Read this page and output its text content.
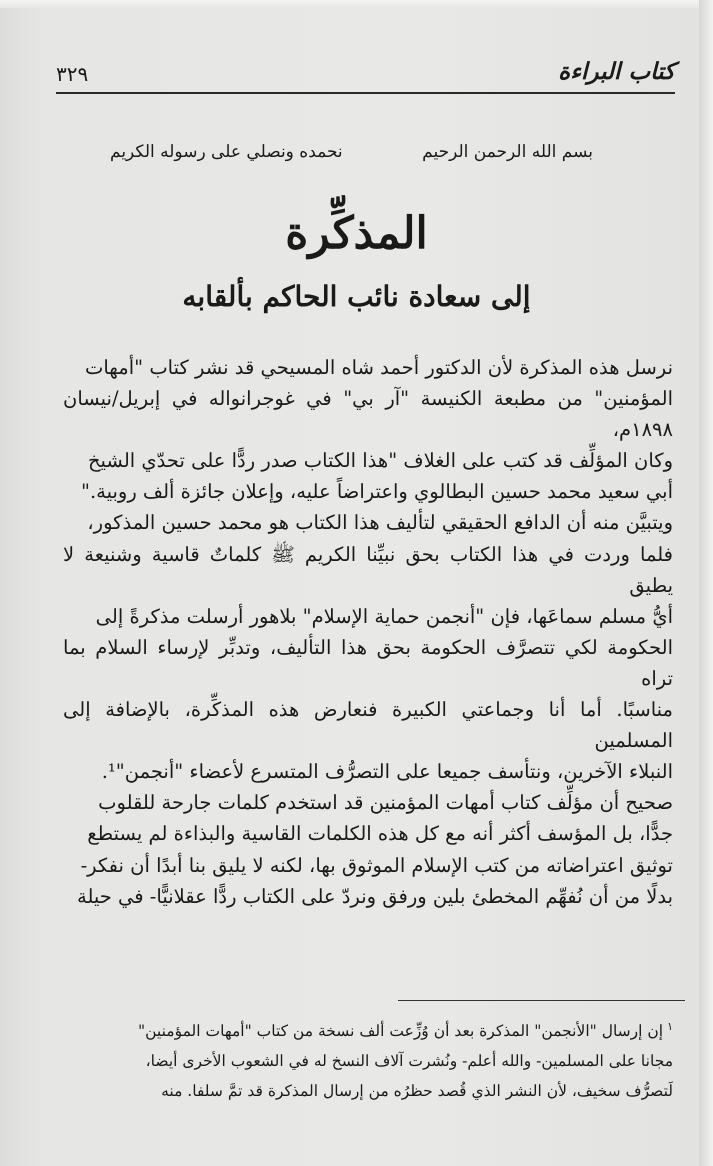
كتاب البراءة
٣٢٩
بسم الله الرحمن الرحيم
نحمده ونصلي على رسوله الكريم
المذكِّرة
إلى سعادة نائب الحاكم بألقابه

نرسل هذه المذكرة لأن الدكتور أحمد شاه المسيحي قد نشر كتاب "أمهات

المؤمنين" من مطبعة الكنيسة "آر بي" في غوجرانواله في إبريل/نيسان ١٨٩٨م،

وكان المؤلِّف قد كتب على الغلاف "هذا الكتاب صدر ردًّا على تحدّي الشيخ

أبي سعيد محمد حسين البطالوي واعتراضاً عليه، وإعلان جائزة ألف روبية."

ويتبيَّن منه أن الدافع الحقيقي لتأليف هذا الكتاب هو محمد حسين المذكور،

فلما وردت في هذا الكتاب بحق نبيِّنا الكريم ﷺ كلماتٌ قاسية وشنيعة لا يطيق

أيُّ مسلم سماعَها، فإن "أنجمن حماية الإسلام" بلاهور أرسلت مذكرةً إلى

الحكومة لكي تتصرَّف الحكومة بحق هذا التأليف، وتدبِّر لإرساء السلام بما تراه

مناسبًا. أما أنا وجماعتي الكبيرة فنعارض هذه المذكِّرة، بالإضافة إلى المسلمين

النبلاء الآخرين، ونتأسف جميعا على التصرُّف المتسرع لأعضاء "أنجمن"¹.

صحيح أن مؤلِّف كتاب أمهات المؤمنين قد استخدم كلمات جارحة للقلوب

جدًّا، بل المؤسف أكثر أنه مع كل هذه الكلمات القاسية والبذاءة لم يستطع

توثيق اعتراضاته من كتب الإسلام الموثوق بها، لكنه لا يليق بنا أبدًا أن نفكر-

بدلًا من أن نُفهِّم المخطئ بلين ورفق ونردّ على الكتاب ردًّا عقلانيًّا- في حيلة

$^١$إن إرسال "الأنجمن" المذكرة بعد أن وُزِّعت ألف نسخة من كتاب "أمهات المؤمنين"

مجانا على المسلمين- والله أعلم- ونُشرت آلاف النسخ له في الشعوب الأخرى أيضا،

لَتصرُّف سخيف، لأن النشر الذي قُصد حظرُه من إرسال المذكرة قد تمَّ سلفا. منه
